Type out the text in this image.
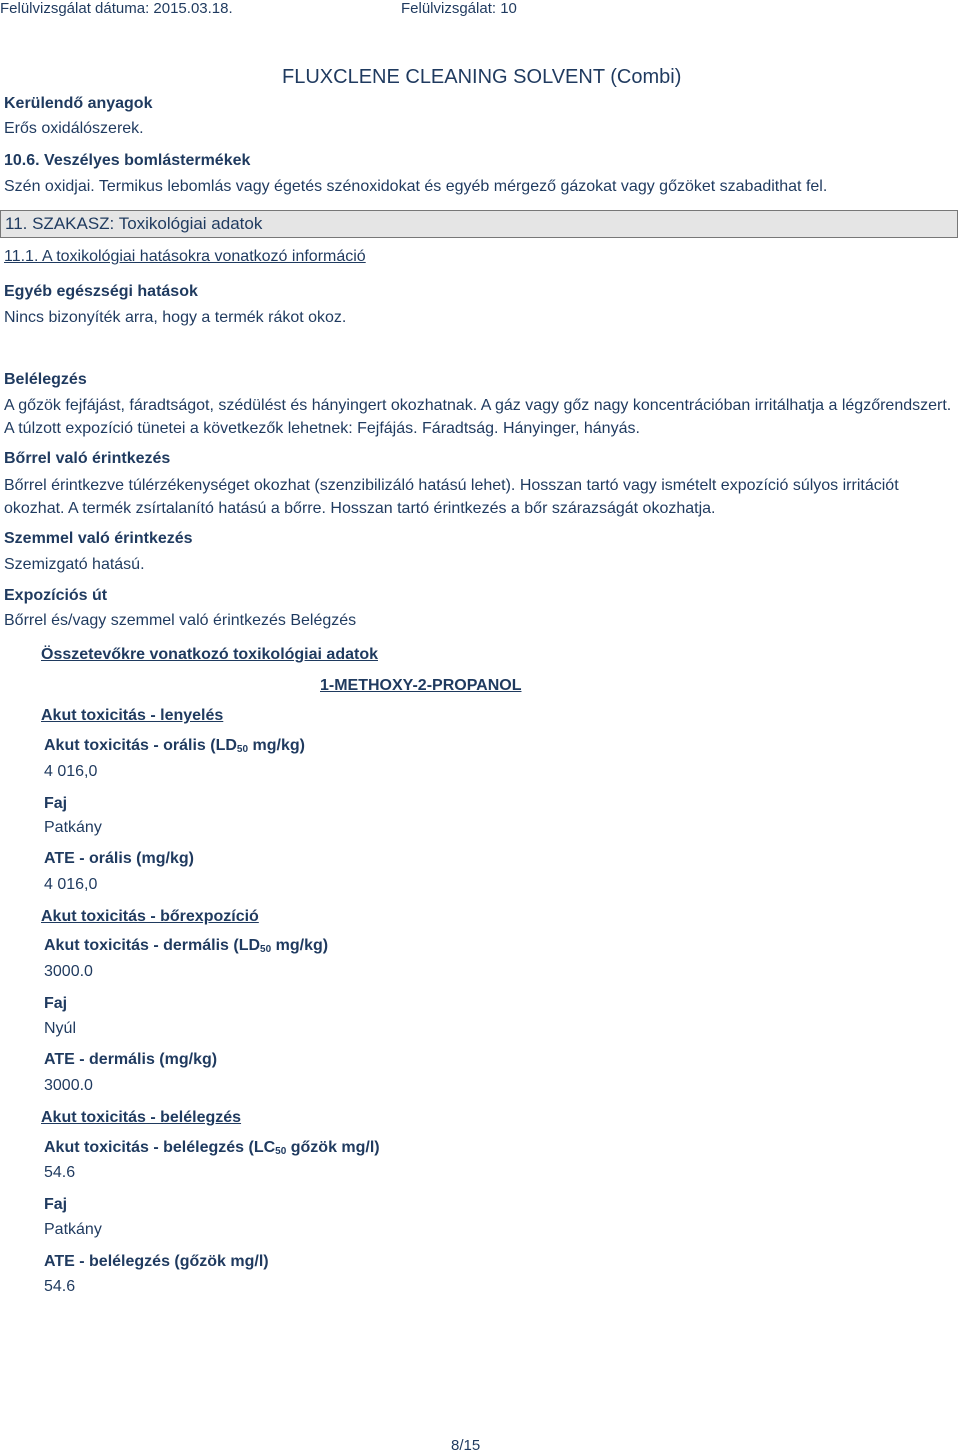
Felülvizsgálat dátuma: 2015.03.18.	Felülvizsgálat: 10
FLUXCLENE CLEANING SOLVENT (Combi)
Kerülendő anyagok
Erős oxidálószerek.
10.6. Veszélyes bomlástermékek
Szén oxidjai. Termikus lebomlás vagy égetés szénoxidokat és egyéb mérgező gázokat vagy gőzöket szabadithat fel.
11. SZAKASZ: Toxikológiai adatok
11.1. A toxikológiai hatásokra vonatkozó információ
Egyéb egészségi hatások
Nincs bizonyíték arra, hogy a termék rákot okoz.
Belélegzés
A gőzök fejfájást, fáradtságot, szédülést és hányingert okozhatnak. A gáz vagy gőz nagy koncentrációban irritálhatja a légzőrendszert. A túlzott expozíció tünetei a következők lehetnek: Fejfájás. Fáradtság. Hányinger, hányás.
Bőrrel való érintkezés
Bőrrel érintkezve túlérzékenységet okozhat (szenzibilizáló hatású lehet). Hosszan tartó vagy ismételt expozíció súlyos irritációt okozhat. A termék zsírtalanító hatású a bőrre. Hosszan tartó érintkezés a bőr szárazságát okozhatja.
Szemmel való érintkezés
Szemizgató hatású.
Expozíciós út
Bőrrel és/vagy szemmel való érintkezés Belégzés
Összetevőkre vonatkozó toxikológiai adatok
1-METHOXY-2-PROPANOL
Akut toxicitás - lenyelés
Akut toxicitás - orális ($LD_{50}$ mg/kg)
4 016,0
Faj
Patkány
ATE - orális (mg/kg)
4 016,0
Akut toxicitás - bőrexpozíció
Akut toxicitás - dermális ($LD_{50}$ mg/kg)
3000.0
Faj
Nyúl
ATE - dermális (mg/kg)
3000.0
Akut toxicitás - belélegzés
Akut toxicitás - belélegzés ($LC_{50}$ gőzök mg/l)
54.6
Faj
Patkány
ATE - belélegzés (gőzök mg/l)
54.6
8/15
